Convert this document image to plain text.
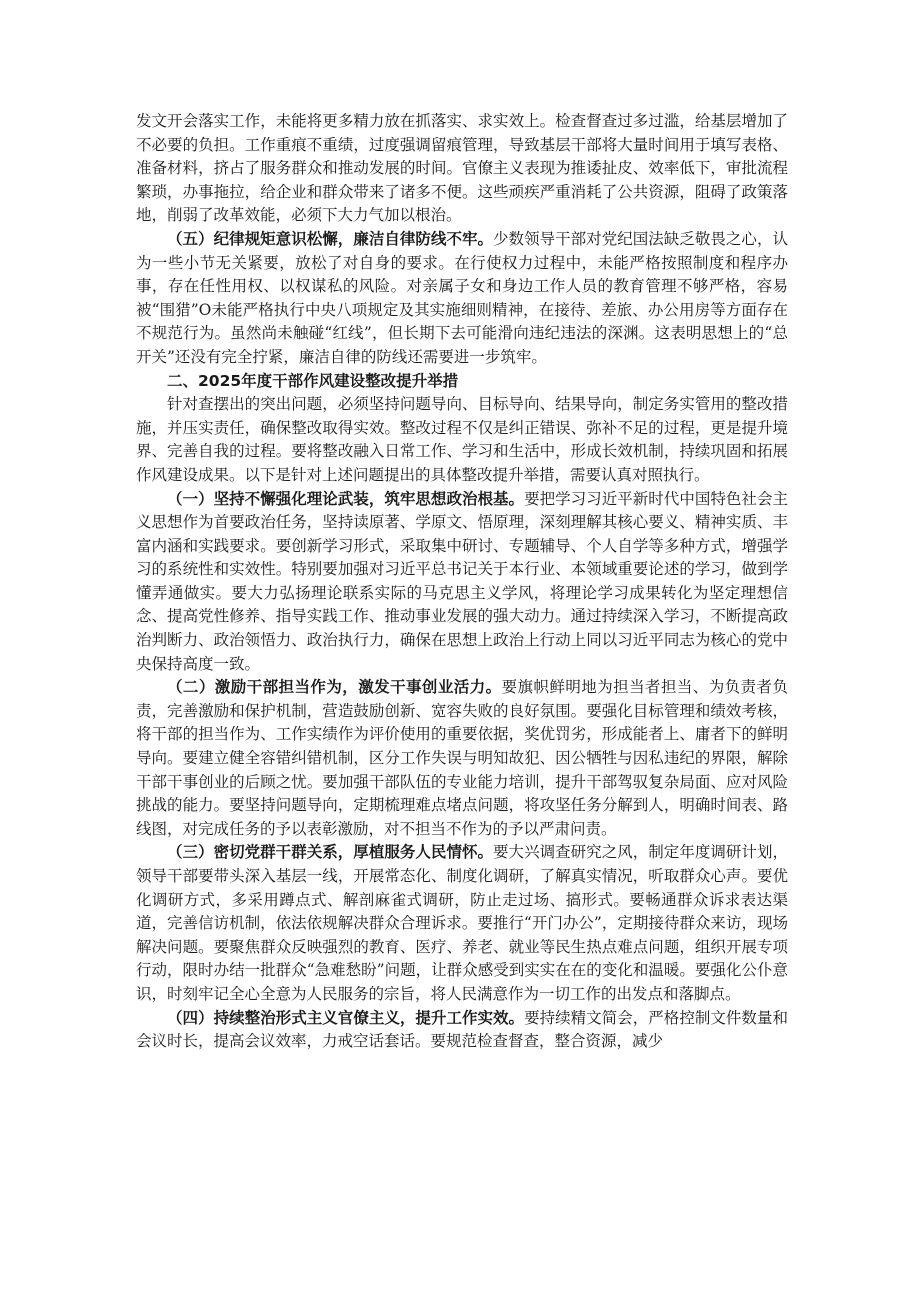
发文开会落实工作，未能将更多精力放在抓落实、求实效上。检查督查过多过滥，给基层增加了不必要的负担。工作重痕不重绩，过度强调留痕管理，导致基层干部将大量时间用于填写表格、准备材料，挤占了服务群众和推动发展的时间。官僚主义表现为推诿扯皮、效率低下，审批流程繁琐，办事拖拉，给企业和群众带来了诸多不便。这些顽疾严重消耗了公共资源，阻碍了政策落地，削弱了改革效能，必须下大力气加以根治。

（五）纪律规矩意识松懈，廉洁自律防线不牢。少数领导干部对党纪国法缺乏敬畏之心，认为一些小节无关紧要，放松了对自身的要求。在行使权力过程中，未能严格按照制度和程序办事，存在任性用权、以权谋私的风险。对亲属子女和身边工作人员的教育管理不够严格，容易被“围猎”O未能严格执行中央八项规定及其实施细则精神，在接待、差旅、办公用房等方面存在不规范行为。虽然尚未触碰“红线”，但长期下去可能滑向违纪违法的深渊。这表明思想上的“总开关”还没有完全拧紧，廉洁自律的防线还需要进一步筑牢。

二、2025年度干部作风建设整改提升举措

针对查摆出的突出问题，必须坚持问题导向、目标导向、结果导向，制定务实管用的整改措施，并压实责任，确保整改取得实效。整改过程不仅是纠正错误、弥补不足的过程，更是提升境界、完善自我的过程。要将整改融入日常工作、学习和生活中，形成长效机制，持续巩固和拓展作风建设成果。以下是针对上述问题提出的具体整改提升举措，需要认真对照执行。

（一）坚持不懈强化理论武装，筑牢思想政治根基。要把学习习近平新时代中国特色社会主义思想作为首要政治任务，坚持读原著、学原文、悟原理，深刻理解其核心要义、精神实质、丰富内涵和实践要求。要创新学习形式，采取集中研讨、专题辅导、个人自学等多种方式，增强学习的系统性和实效性。特别要加强对习近平总书记关于本行业、本领域重要论述的学习，做到学懂弄通做实。要大力弘扬理论联系实际的马克思主义学风，将理论学习成果转化为坚定理想信念、提高党性修养、指导实践工作、推动事业发展的强大动力。通过持续深入学习，不断提高政治判断力、政治领悟力、政治执行力，确保在思想上政治上行动上同以习近平同志为核心的党中央保持高度一致。

（二）激励干部担当作为，激发干事创业活力。要旗帜鲜明地为担当者担当、为负责者负责，完善激励和保护机制，营造鼓励创新、宽容失败的良好氛围。要强化目标管理和绩效考核，将干部的担当作为、工作实绩作为评价使用的重要依据，奖优罚劣，形成能者上、庸者下的鲜明导向。要建立健全容错纠错机制，区分工作失误与明知故犯、因公牺牲与因私违纪的界限，解除干部干事创业的后顾之忧。要加强干部队伍的专业能力培训，提升干部驾驭复杂局面、应对风险挑战的能力。要坚持问题导向，定期梳理难点堵点问题，将攻坚任务分解到人，明确时间表、路线图，对完成任务的予以表彰激励，对不担当不作为的予以严肃问责。

（三）密切党群干群关系，厚植服务人民情怀。要大兴调查研究之风，制定年度调研计划，领导干部要带头深入基层一线，开展常态化、制度化调研，了解真实情况，听取群众心声。要优化调研方式，多采用蹲点式、解剖麻雀式调研，防止走过场、搞形式。要畅通群众诉求表达渠道，完善信访机制，依法依规解决群众合理诉求。要推行“开门办公”，定期接待群众来访，现场解决问题。要聚焦群众反映强烈的教育、医疗、养老、就业等民生热点难点问题，组织开展专项行动，限时办结一批群众“急难愁盼”问题，让群众感受到实实在在的变化和温暖。要强化公仆意识，时刻牢记全心全意为人民服务的宗旨，将人民满意作为一切工作的出发点和落脚点。

（四）持续整治形式主义官僚主义，提升工作实效。要持续精文简会，严格控制文件数量和会议时长，提高会议效率，力戒空话套话。要规范检查督查，整合资源，减少
